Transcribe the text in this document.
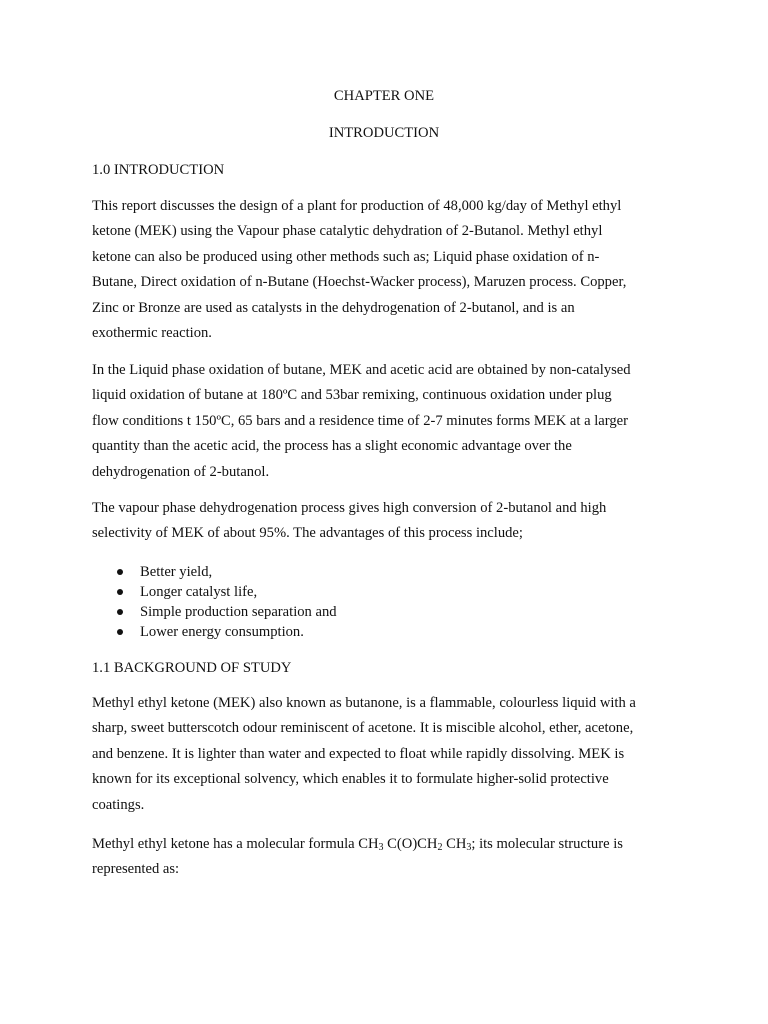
CHAPTER ONE
INTRODUCTION
1.0 INTRODUCTION
This report discusses the design of a plant for production of 48,000 kg/day of Methyl ethyl
ketone (MEK) using the Vapour phase catalytic dehydration of 2-Butanol. Methyl ethyl
ketone can also be produced using other methods such as; Liquid phase oxidation of n-
Butane, Direct oxidation of n-Butane (Hoechst-Wacker process), Maruzen process. Copper,
Zinc or Bronze are used as catalysts in the dehydrogenation of 2-butanol, and is an
exothermic reaction.
In the Liquid phase oxidation of butane, MEK and acetic acid are obtained by non-catalysed
liquid oxidation of butane at 180ºC and 53bar remixing, continuous oxidation under plug
flow conditions t 150ºC, 65 bars and a residence time of 2-7 minutes forms MEK at a larger
quantity than the acetic acid, the process has a slight economic advantage over the
dehydrogenation of 2-butanol.
The vapour phase dehydrogenation process gives high conversion of 2-butanol and high
selectivity of MEK of about 95%. The advantages of this process include;
Better yield,
Longer catalyst life,
Simple production separation and
Lower energy consumption.
1.1 BACKGROUND OF STUDY
Methyl ethyl ketone (MEK) also known as butanone, is a flammable, colourless liquid with a
sharp, sweet butterscotch odour reminiscent of acetone. It is miscible alcohol, ether, acetone,
and benzene. It is lighter than water and expected to float while rapidly dissolving. MEK is
known for its exceptional solvency, which enables it to formulate higher-solid protective
coatings.
Methyl ethyl ketone has a molecular formula $CH_3$ $C(O)CH_2$ $CH_3$; its molecular structure is
represented as:
